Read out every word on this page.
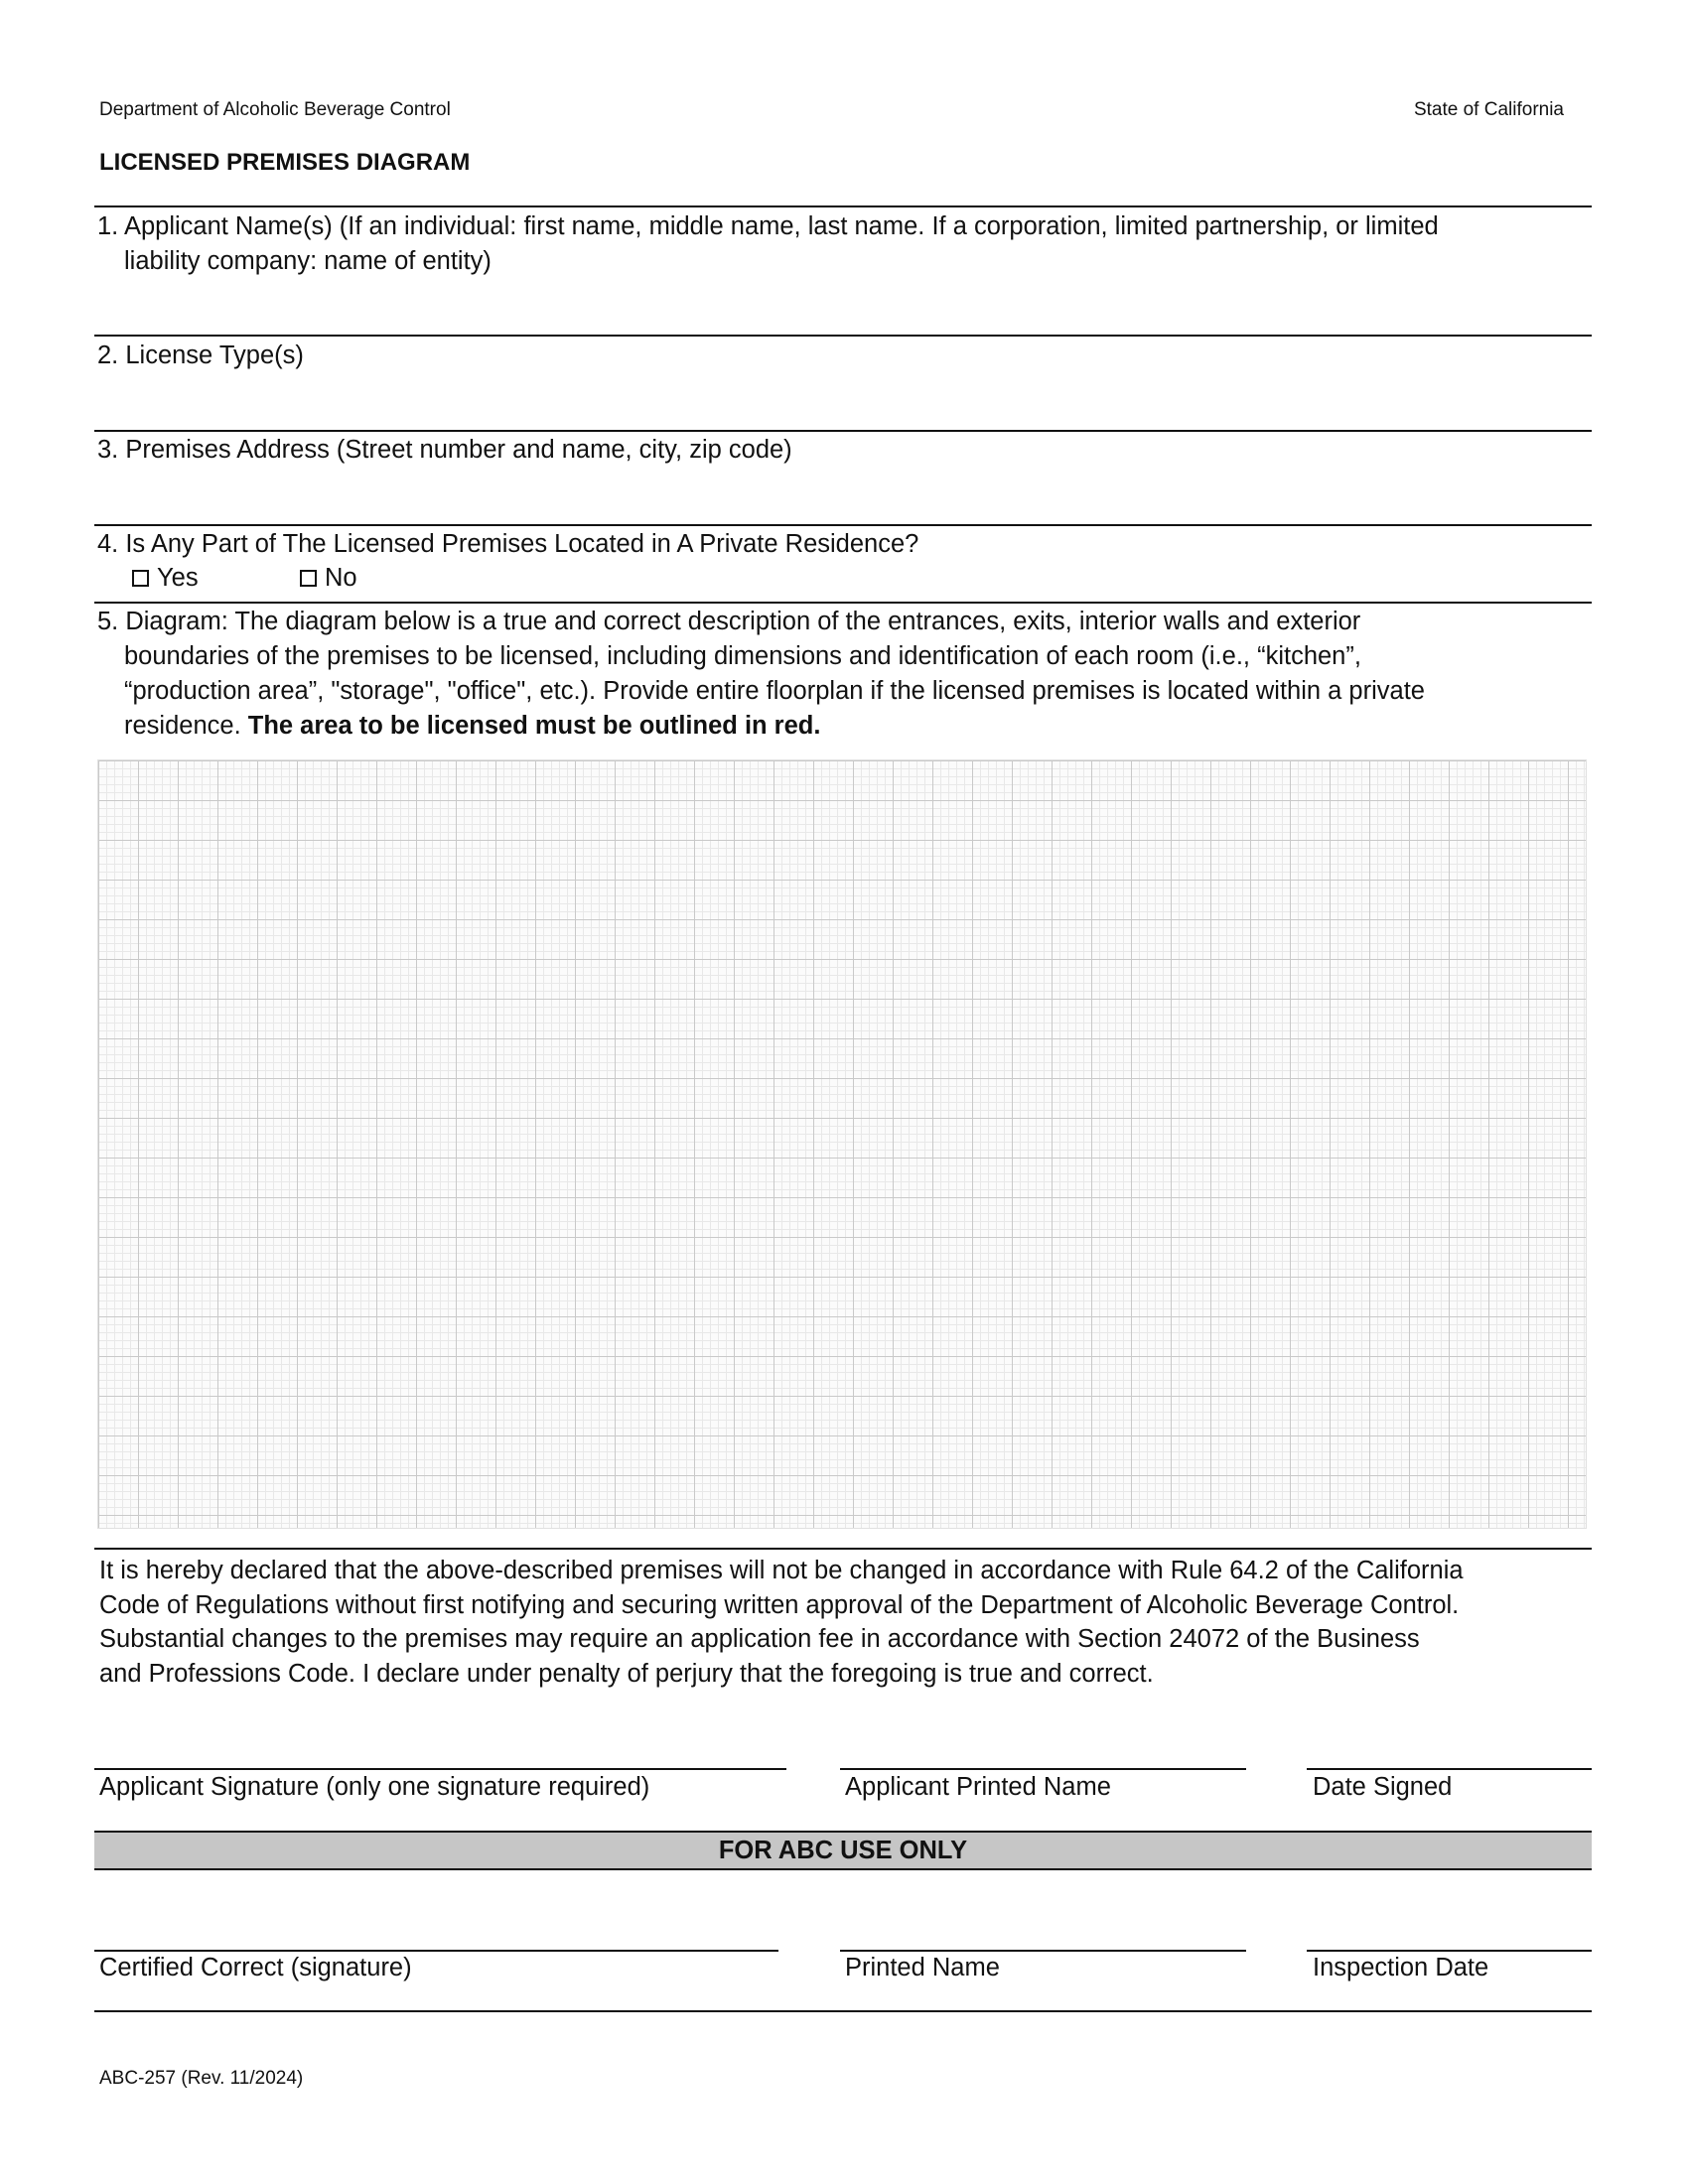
Department of Alcoholic Beverage Control	State of California
LICENSED PREMISES DIAGRAM
1. Applicant Name(s) (If an individual: first name, middle name, last name. If a corporation, limited partnership, or limited
liability company: name of entity)
2. License Type(s)
3. Premises Address (Street number and name, city, zip code)
4. Is Any Part of The Licensed Premises Located in A Private Residence?
Yes	No
5. Diagram: The diagram below is a true and correct description of the entrances, exits, interior walls and exterior
boundaries of the premises to be licensed, including dimensions and identification of each room (i.e., “kitchen”,
“production area”, "storage", "office", etc.). Provide entire floorplan if the licensed premises is located within a private
residence. The area to be licensed must be outlined in red.
It is hereby declared that the above-described premises will not be changed in accordance with Rule 64.2 of the California
Code of Regulations without first notifying and securing written approval of the Department of Alcoholic Beverage Control.
Substantial changes to the premises may require an application fee in accordance with Section 24072 of the Business
and Professions Code. I declare under penalty of perjury that the foregoing is true and correct.
Applicant Signature (only one signature required)	Applicant Printed Name	Date Signed
FOR ABC USE ONLY
Certified Correct (signature)	Printed Name	Inspection Date
ABC-257 (Rev. 11/2024)
